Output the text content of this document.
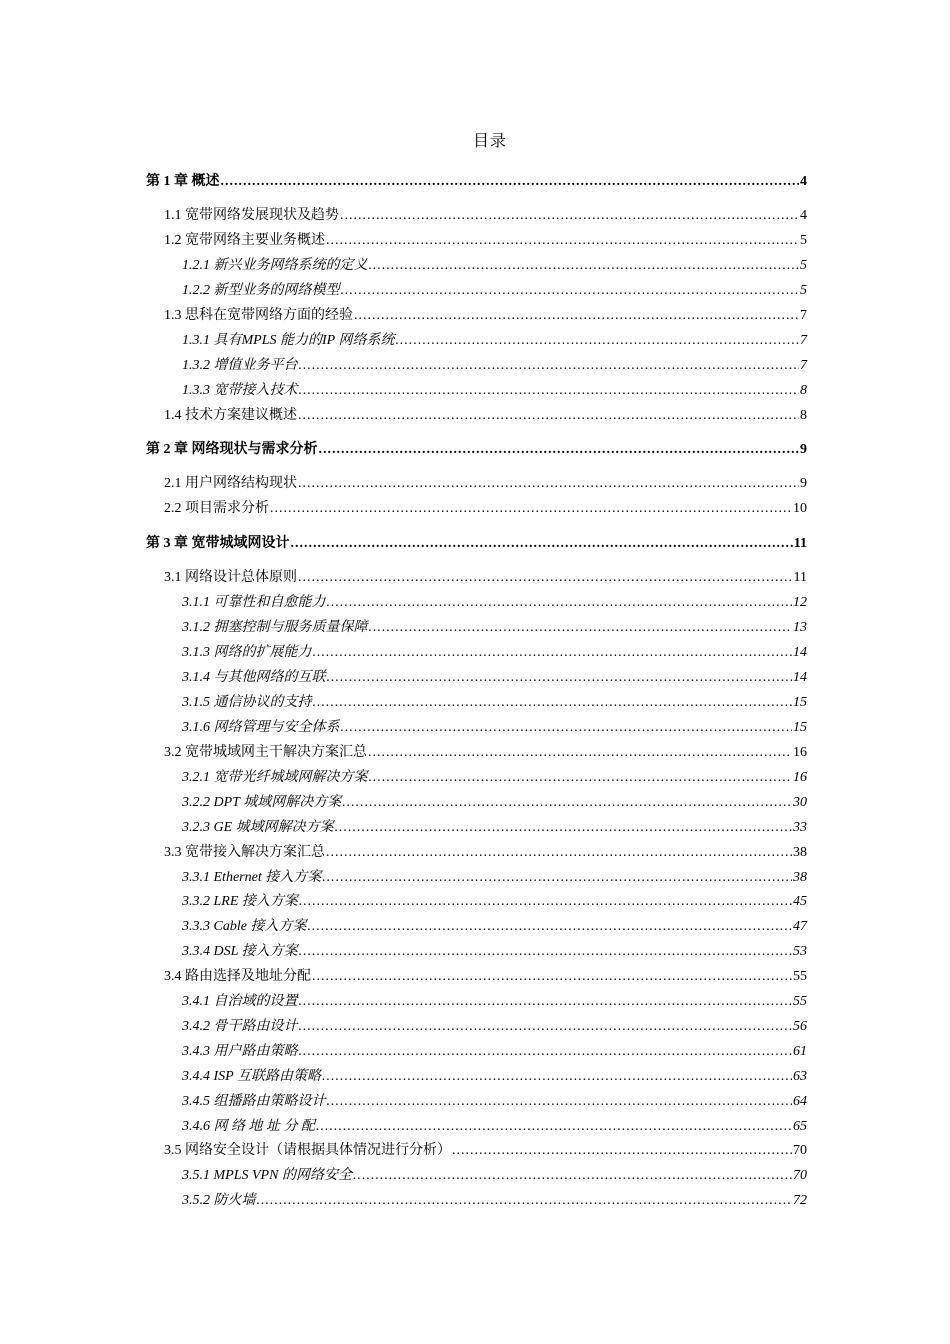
目录
第 1 章 概述 .....	4
1.1 宽带网络发展现状及趋势 .....	4
1.2 宽带网络主要业务概述 .....	5
1.2.1 新兴业务网络系统的定义 .....	5
1.2.2 新型业务的网络模型 .....	5
1.3 思科在宽带网络方面的经验 .....	7
1.3.1 具有MPLS 能力的IP 网络系统 .....	7
1.3.2 增值业务平台 .....	7
1.3.3 宽带接入技术 .....	8
1.4 技术方案建议概述 .....	8
第 2 章 网络现状与需求分析 .....	9
2.1 用户网络结构现状 .....	9
2.2 项目需求分析 .....	10
第 3 章 宽带城域网设计 .....	11
3.1 网络设计总体原则 .....	11
3.1.1 可靠性和自愈能力 .....	12
3.1.2 拥塞控制与服务质量保障 .....	13
3.1.3 网络的扩展能力 .....	14
3.1.4 与其他网络的互联 .....	14
3.1.5 通信协议的支持 .....	15
3.1.6 网络管理与安全体系 .....	15
3.2 宽带城域网主干解决方案汇总 .....	16
3.2.1 宽带光纤城域网解决方案 .....	16
3.2.2 DPT 城域网解决方案 .....	30
3.2.3 GE 城域网解决方案 .....	33
3.3 宽带接入解决方案汇总 .....	38
3.3.1 Ethernet 接入方案 .....	38
3.3.2 LRE 接入方案 .....	45
3.3.3 Cable 接入方案 .....	47
3.3.4 DSL 接入方案 .....	53
3.4 路由选择及地址分配 .....	55
3.4.1 自治域的设置 .....	55
3.4.2 骨干路由设计 .....	56
3.4.3 用户路由策略 .....	61
3.4.4 ISP 互联路由策略 .....	63
3.4.5 组播路由策略设计 .....	64
3.4.6 网 络 地 址 分 配 .....	65
3.5 网络安全设计（请根据具体情况进行分析） .....	70
3.5.1 MPLS VPN 的网络安全 .....	70
3.5.2 防火墙 .....	72
